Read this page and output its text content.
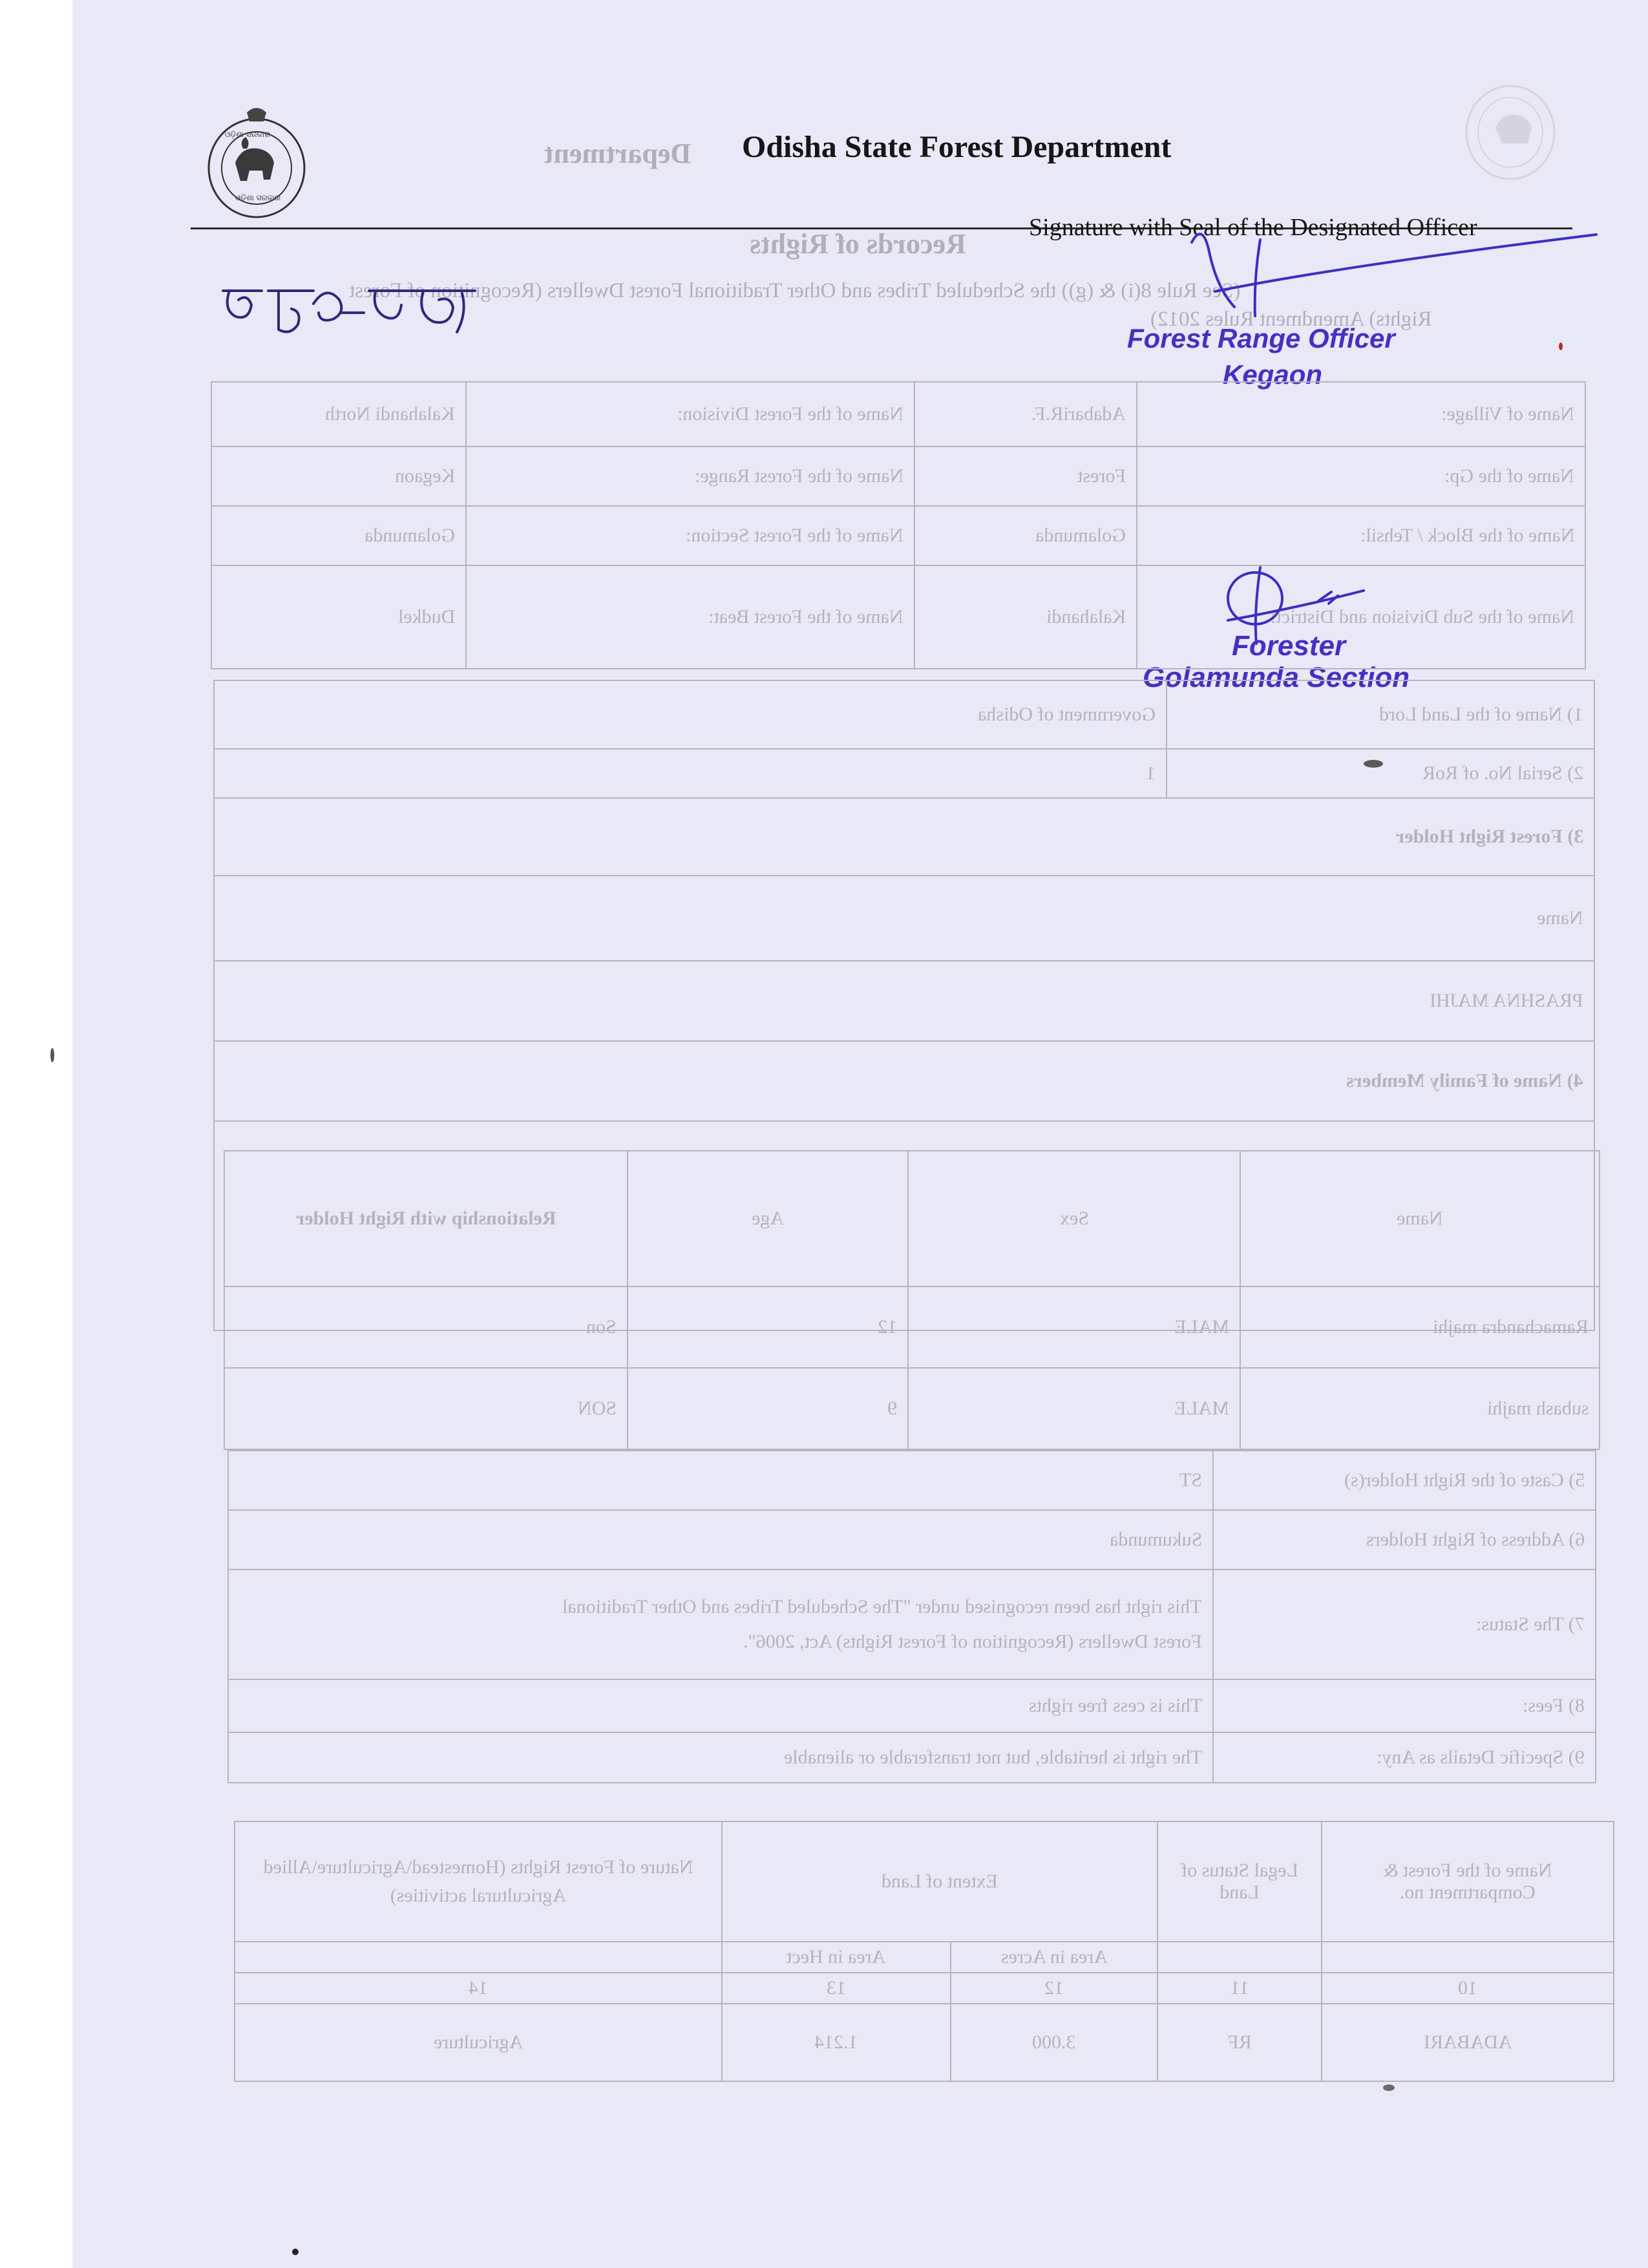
ଓଡ଼ିଶା ସରକାର
ଓଡ଼ିଶା ସରକାର
Odisha State Forest Department
Signature with Seal of the Designated Officer
Department
Records of Rights
(See Rule 8(i) & (g)) the Scheduled Tribes and Other Traditional Forest Dwellers (Recognition of Forest
Rights) Amendment Rules 2012)
Forest Range Officer
Kegaon
Forester
Golamunda Section
Kalahandi North	Name of the Forest Division:	AdabariR.F.	Name of Village:
Kegaon	Name of the Forest Range:	Forest	Name of the Gp:
Golamunda	Name of the Forest Section:	Golamunda	Name of the Block / Tehsil:
Dudkel	Name of the Forest Beat:	Kalahandi	Name of the Sub Division and District:
Government of Odisha	1) Name of the Land Lord
1	2) Serial No. of RoR
3) Forest Right Holder	
Name	
PRASHNA MAJHI	
4) Name of Family Members	

Relationship with Right Holder	Age	Sex	Name
Son	12	MALE	Ramachandra majhi
SON	9	MALE	subash majhi
ST	5) Caste of the Right Holder(s)
Sukumunda	6) Address of Right Holders

This right has been recognised under "The Scheduled Tribes and Other Traditional
Forest Dwellers (Recognition of Forest Rights) Act, 2006".	7) The Status:
This is cess free rights	8) Fees:
The right is heritable, but not transferable or alienable	9) Specific Details as Any:
Nature of Forest Rights (Homestead\Agriculture\Allied Agricultural activities)	Extent of Land		Legal Status of Land	Name of the Forest & Compartment no.
	Area in Hect	Area in Acres		
14	13	12	11	10
Agriculture	1.214	3.000	RF	ADABARI
